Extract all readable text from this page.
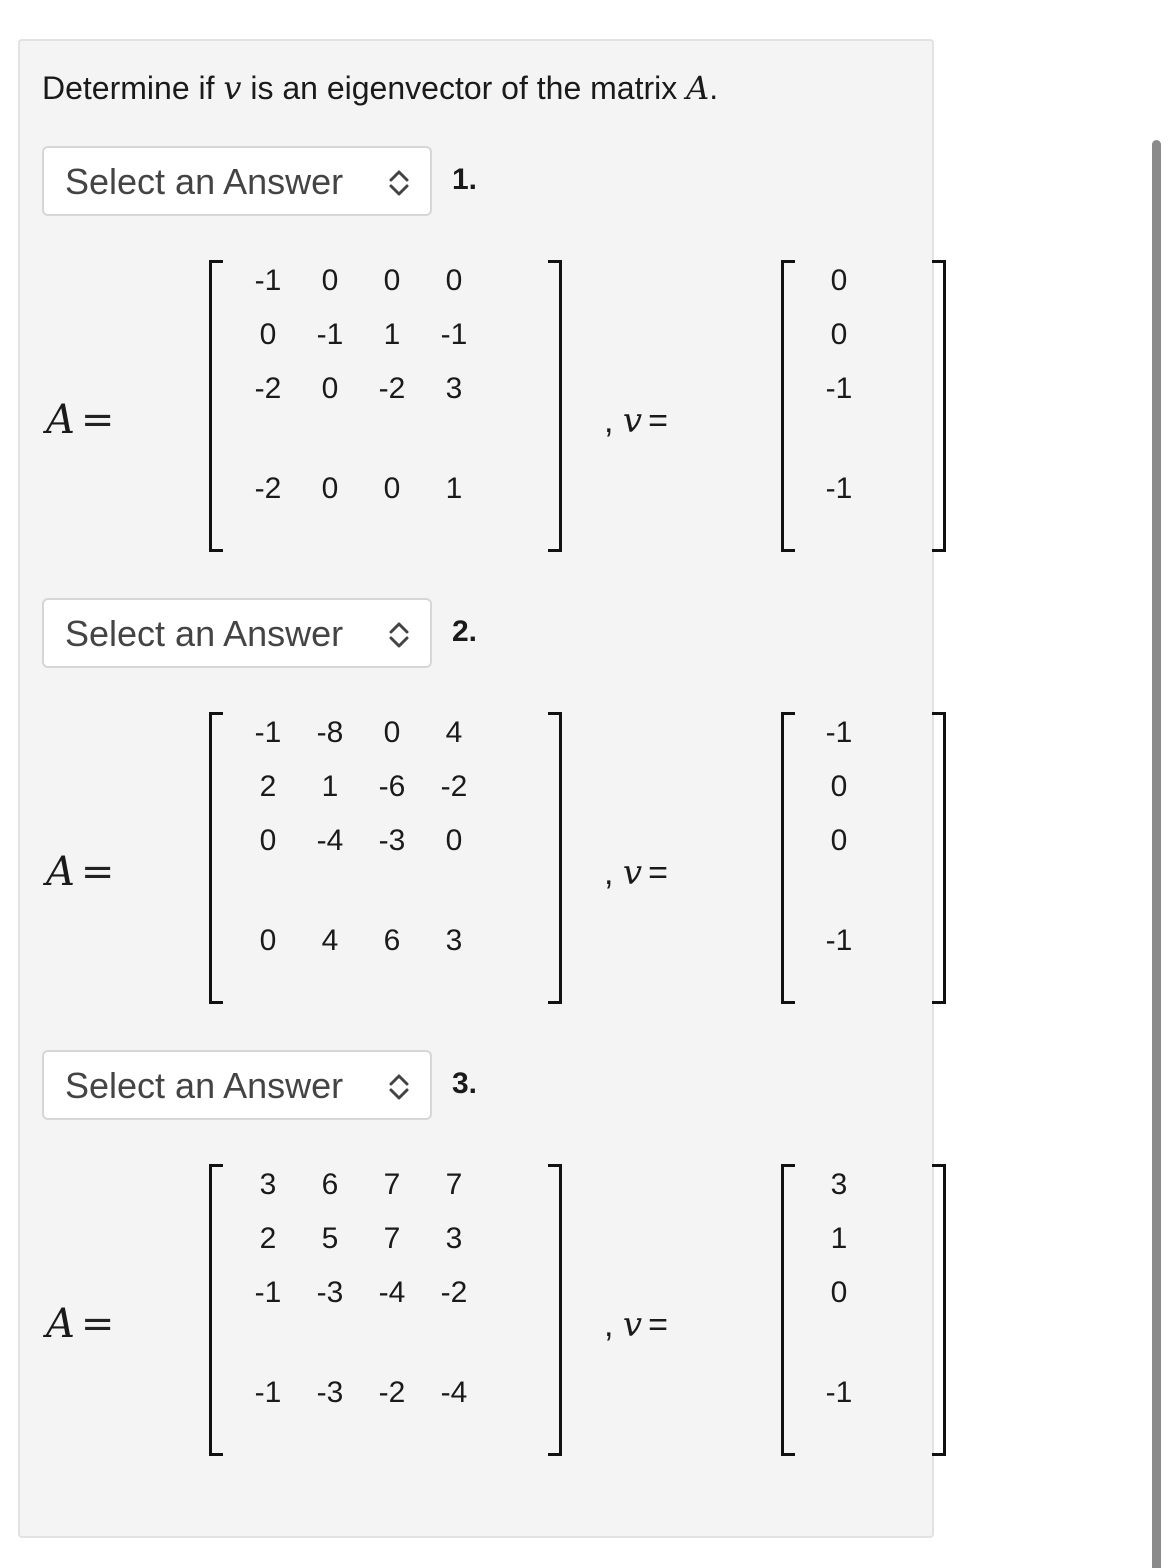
Determine if v is an eigenvector of the matrix A.
Select an Answer	1.
A =
-1	0	0	0
0	-1	1	-1
-2	0	-2	3
-2	0	0	1
, v =
0
0
-1
-1
Select an Answer	2.
A =
-1	-8	0	4
2	1	-6	-2
0	-4	-3	0
0	4	6	3
, v =
-1
0
0
-1
Select an Answer	3.
A =
3	6	7	7
2	5	7	3
-1	-3	-4	-2
-1	-3	-2	-4
, v =
3
1
0
-1
